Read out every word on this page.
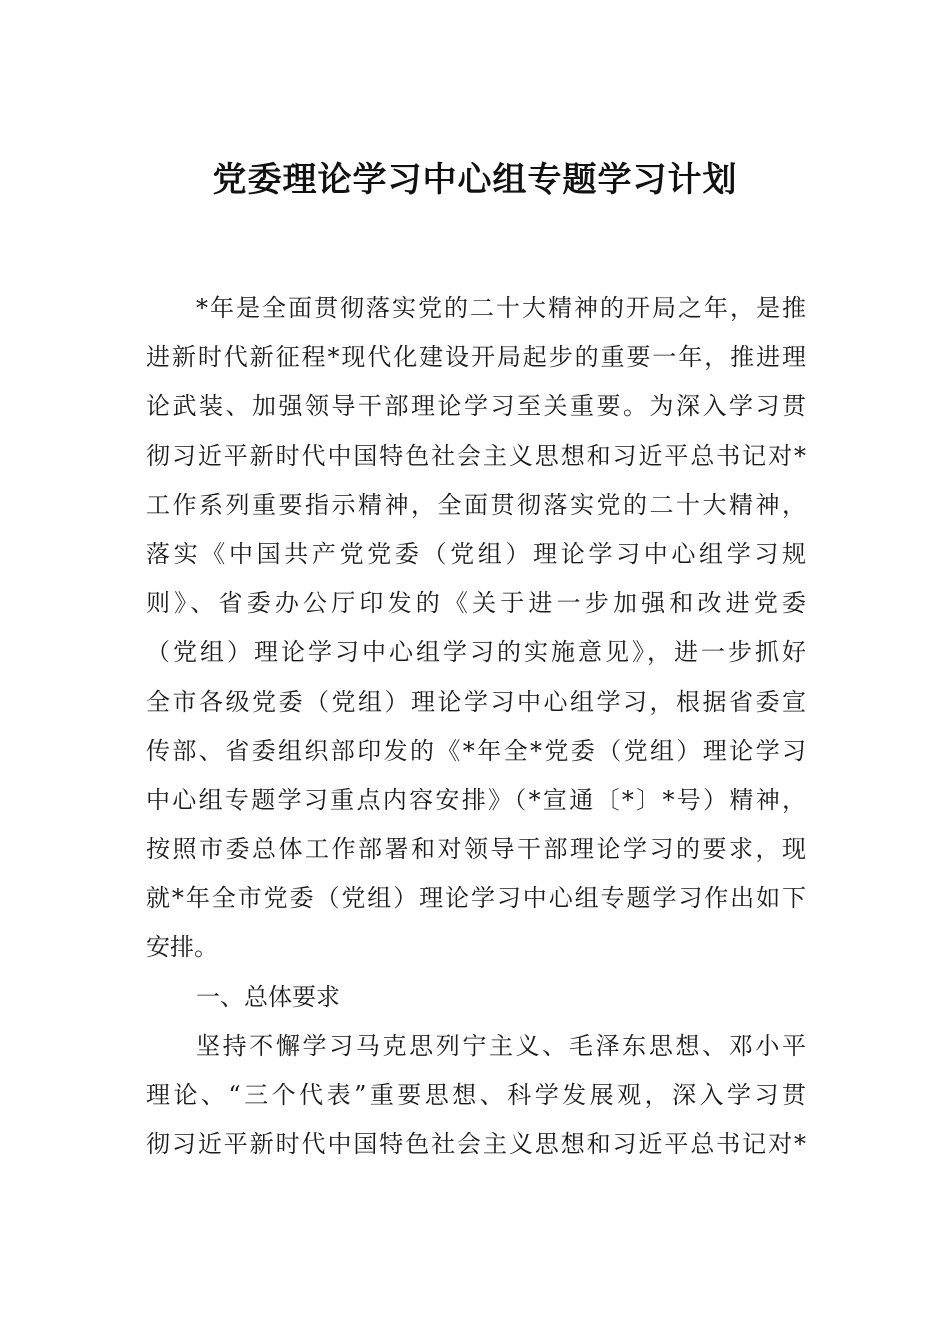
党委理论学习中心组专题学习计划
*年是全面贯彻落实党的二十大精神的开局之年，是推
进新时代新征程*现代化建设开局起步的重要一年，推进理
论武装、加强领导干部理论学习至关重要。为深入学习贯
彻习近平新时代中国特色社会主义思想和习近平总书记对*
工作系列重要指示精神，全面贯彻落实党的二十大精神，
落实《中国共产党党委（党组）理论学习中心组学习规
则》、省委办公厅印发的《关于进一步加强和改进党委
（党组）理论学习中心组学习的实施意见》，进一步抓好
全市各级党委（党组）理论学习中心组学习，根据省委宣
传部、省委组织部印发的《*年全*党委（党组）理论学习
中心组专题学习重点内容安排》（*宣通〔*〕*号）精神，
按照市委总体工作部署和对领导干部理论学习的要求，现
就*年全市党委（党组）理论学习中心组专题学习作出如下
安排。
一、总体要求
坚持不懈学习马克思列宁主义、毛泽东思想、邓小平
理论、“三个代表”重要思想、科学发展观，深入学习贯
彻习近平新时代中国特色社会主义思想和习近平总书记对*
